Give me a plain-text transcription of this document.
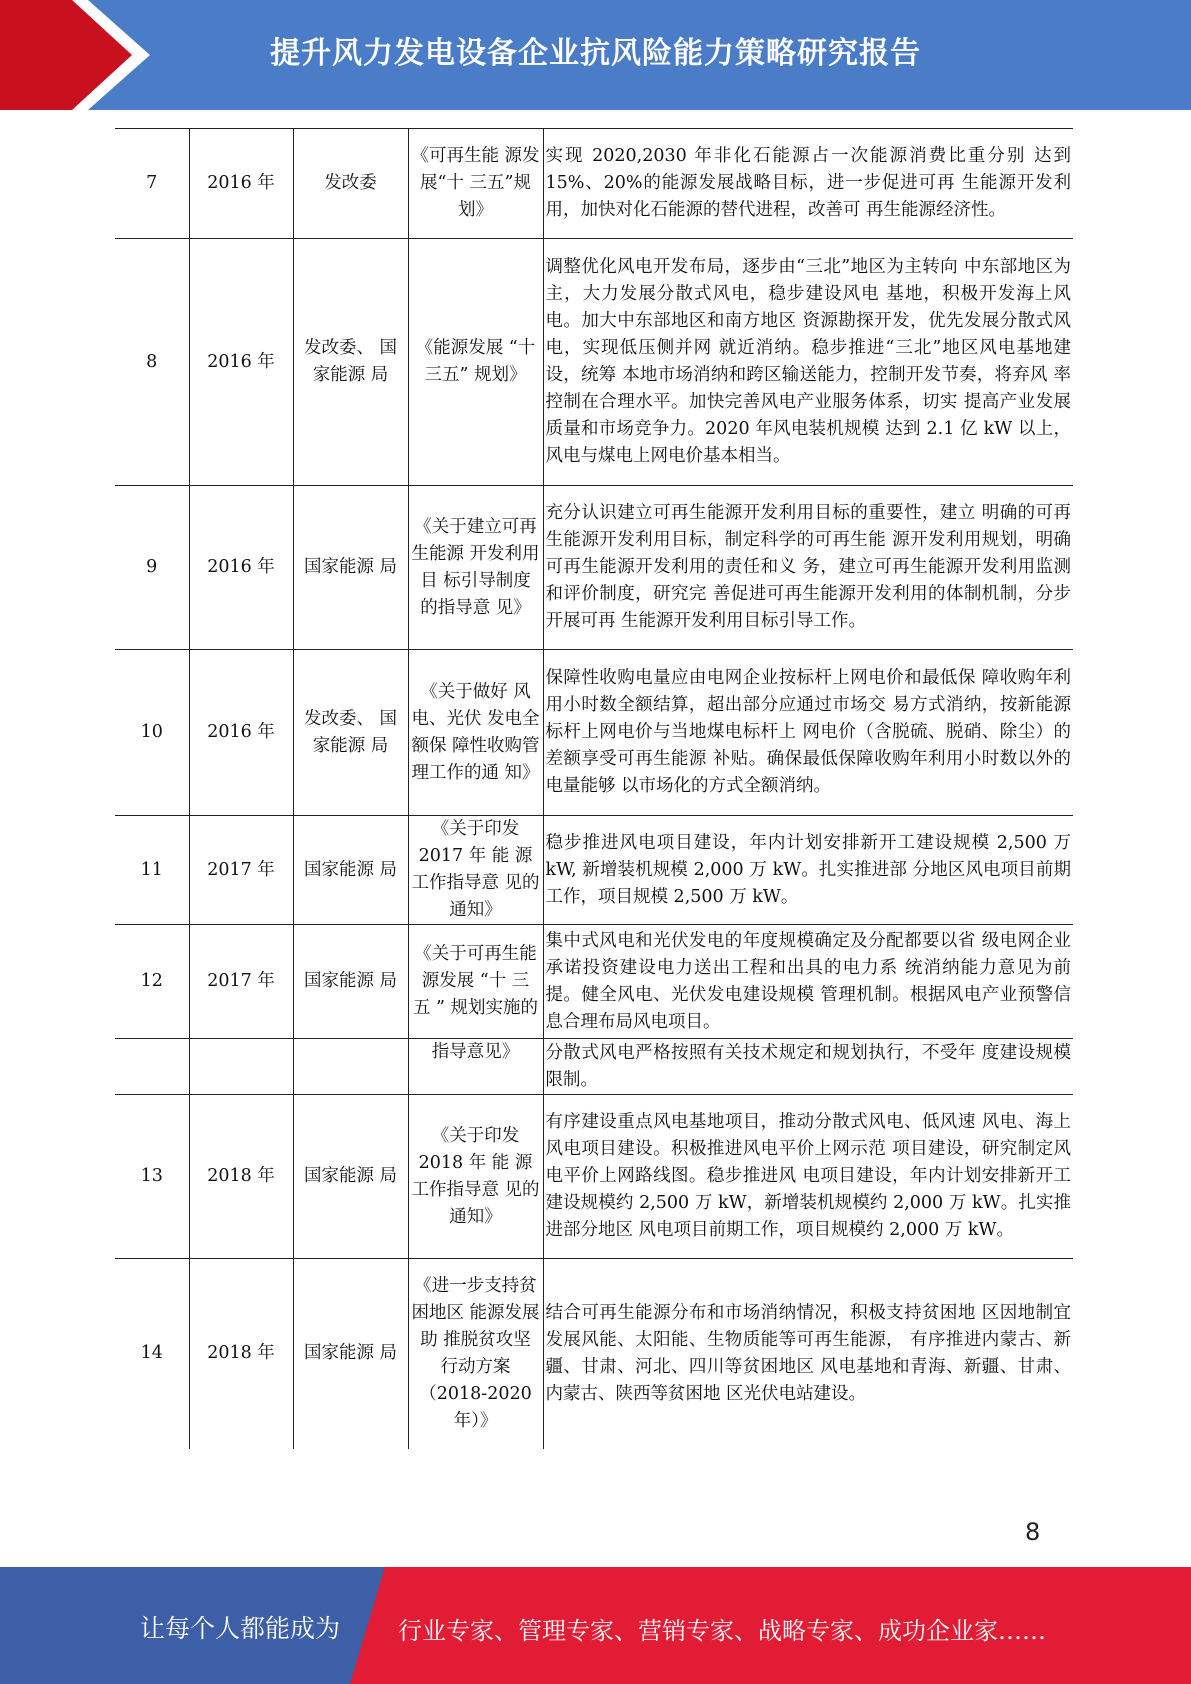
提升风力发电设备企业抗风险能力策略研究报告
7	2016 年	发改委	《可再生能 源发展“十 三五”规 划》	实现 2020,2030 年非化石能源占一次能源消费比重分别 达到 15%、20%的能源发展战略目标，进一步促进可再 生能源开发利用，加快对化石能源的替代进程，改善可 再生能源经济性。
8	2016 年	发改委、 国家能源 局	《能源发展 “十三五” 规划》	调整优化风电开发布局，逐步由“三北”地区为主转向 中东部地区为主，大力发展分散式风电，稳步建设风电 基地，积极开发海上风电。加大中东部地区和南方地区 资源勘探开发，优先发展分散式风电，实现低压侧并网 就近消纳。稳步推进“三北”地区风电基地建设，统筹 本地市场消纳和跨区输送能力，控制开发节奏，将弃风 率控制在合理水平。加快完善风电产业服务体系，切实 提高产业发展质量和市场竞争力。2020 年风电装机规模 达到 2.1 亿 kW 以上，风电与煤电上网电价基本相当。
9	2016 年	国家能源 局	《关于建立可再生能源 开发利用目 标引导制度 的指导意 见》	充分认识建立可再生能源开发利用目标的重要性，建立 明确的可再生能源开发利用目标，制定科学的可再生能 源开发利用规划，明确可再生能源开发利用的责任和义 务，建立可再生能源开发利用监测和评价制度，研究完 善促进可再生能源开发利用的体制机制，分步开展可再 生能源开发利用目标引导工作。
10	2016 年	发改委、 国家能源 局	《关于做好 风电、光伏 发电全额保 障性收购管 理工作的通 知》	保障性收购电量应由电网企业按标杆上网电价和最低保 障收购年利用小时数全额结算，超出部分应通过市场交 易方式消纳，按新能源标杆上网电价与当地煤电标杆上 网电价（含脱硫、脱硝、除尘）的差额享受可再生能源 补贴。确保最低保障收购年利用小时数以外的电量能够 以市场化的方式全额消纳。
11	2017 年	国家能源 局	《关于印发 2017 年 能 源 工作指导意 见的通知》	稳步推进风电项目建设，年内计划安排新开工建设规模 2,500 万 kW, 新增装机规模 2,000 万 kW。扎实推进部 分地区风电项目前期工作，项目规模 2,500 万 kW。
12	2017 年	国家能源 局	《关于可再生能源发展 “十 三 五 ” 规划实施的	集中式风电和光伏发电的年度规模确定及分配都要以省 级电网企业承诺投资建设电力送出工程和出具的电力系 统消纳能力意见为前提。健全风电、光伏发电建设规模 管理机制。根据风电产业预警信息合理布局风电项目。
			指导意见》	分散式风电严格按照有关技术规定和规划执行，不受年 度建设规模限制。
13	2018 年	国家能源 局	《关于印发 2018 年 能 源 工作指导意 见的通知》	有序建设重点风电基地项目，推动分散式风电、低风速 风电、海上风电项目建设。积极推进风电平价上网示范 项目建设，研究制定风电平价上网路线图。稳步推进风 电项目建设，年内计划安排新开工建设规模约 2,500 万 kW，新增装机规模约 2,000 万 kW。扎实推进部分地区 风电项目前期工作，项目规模约 2,000 万 kW。
14	2018 年	国家能源 局	《进一步支持贫困地区 能源发展助 推脱贫攻坚 行动方案（2018-2020 年）》	结合可再生能源分布和市场消纳情况，积极支持贫困地 区因地制宜发展风能、太阳能、生物质能等可再生能源， 有序推进内蒙古、新疆、甘肃、河北、四川等贫困地区 风电基地和青海、新疆、甘肃、内蒙古、陕西等贫困地 区光伏电站建设。
8
让每个人都能成为 行业专家、管理专家、营销专家、战略专家、成功企业家……
